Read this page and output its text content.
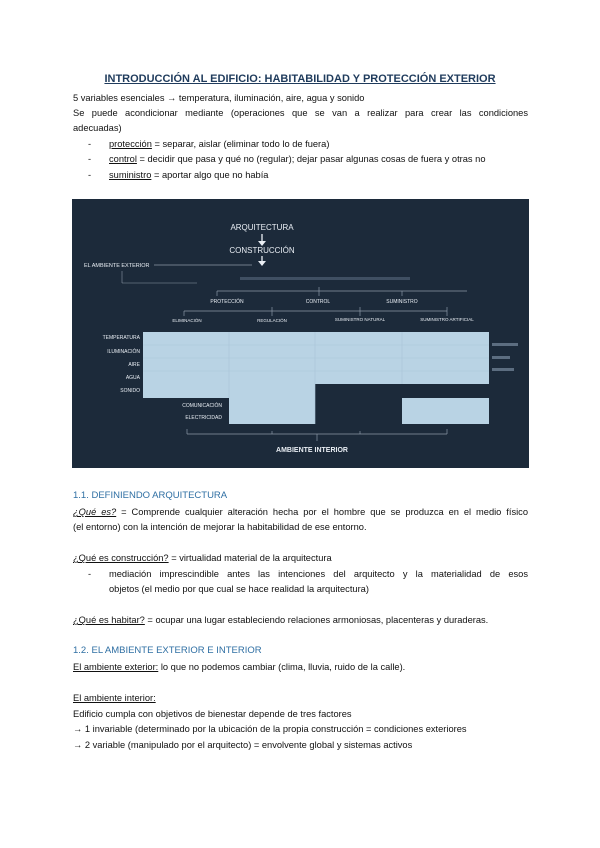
INTRODUCCIÓN AL EDIFICIO: HABITABILIDAD Y PROTECCIÓN EXTERIOR
5 variables esenciales → temperatura, iluminación, aire, agua y sonido
Se puede acondicionar mediante (operaciones que se van a realizar para crear las condiciones
adecuadas)
- protección = separar, aislar (eliminar todo lo de fuera)
- control = decidir que pasa y qué no (regular); dejar pasar algunas cosas de fuera y otras no
- suministro = aportar algo que no había
ARQUITECTURA
CONSTRUCCIÓN
EL AMBIENTE EXTERIOR
PROTECCIÓN	CONTROL	SUMINISTRO
ELIMINACIÓN	REGULACIÓN	SUMINISTRO NATURAL	SUMINISTRO ARTIFICIAL
TEMPERATURA
ILUMINACIÓN
AIRE
AGUA
SONIDO
COMUNICACIÓN
ELECTRICIDAD
AMBIENTE INTERIOR
1.1. DEFINIENDO ARQUITECTURA
¿Qué es? = Comprende cualquier alteración hecha por el hombre que se produzca en el medio físico
(el entorno) con la intención de mejorar la habitabilidad de ese entorno.
¿Qué es construcción? = virtualidad material de la arquitectura
- mediación imprescindible antes las intenciones del arquitecto y la materialidad de esos
objetos (el medio por que cual se hace realidad la arquitectura)
¿Qué es habitar? = ocupar una lugar estableciendo relaciones armoniosas, placenteras y duraderas.
1.2. EL AMBIENTE EXTERIOR E INTERIOR
El ambiente exterior: lo que no podemos cambiar (clima, lluvia, ruido de la calle).
El ambiente interior:
Edificio cumpla con objetivos de bienestar depende de tres factores
→ 1 invariable (determinado por la ubicación de la propia construcción = condiciones exteriores
→ 2 variable (manipulado por el arquitecto) = envolvente global y sistemas activos
